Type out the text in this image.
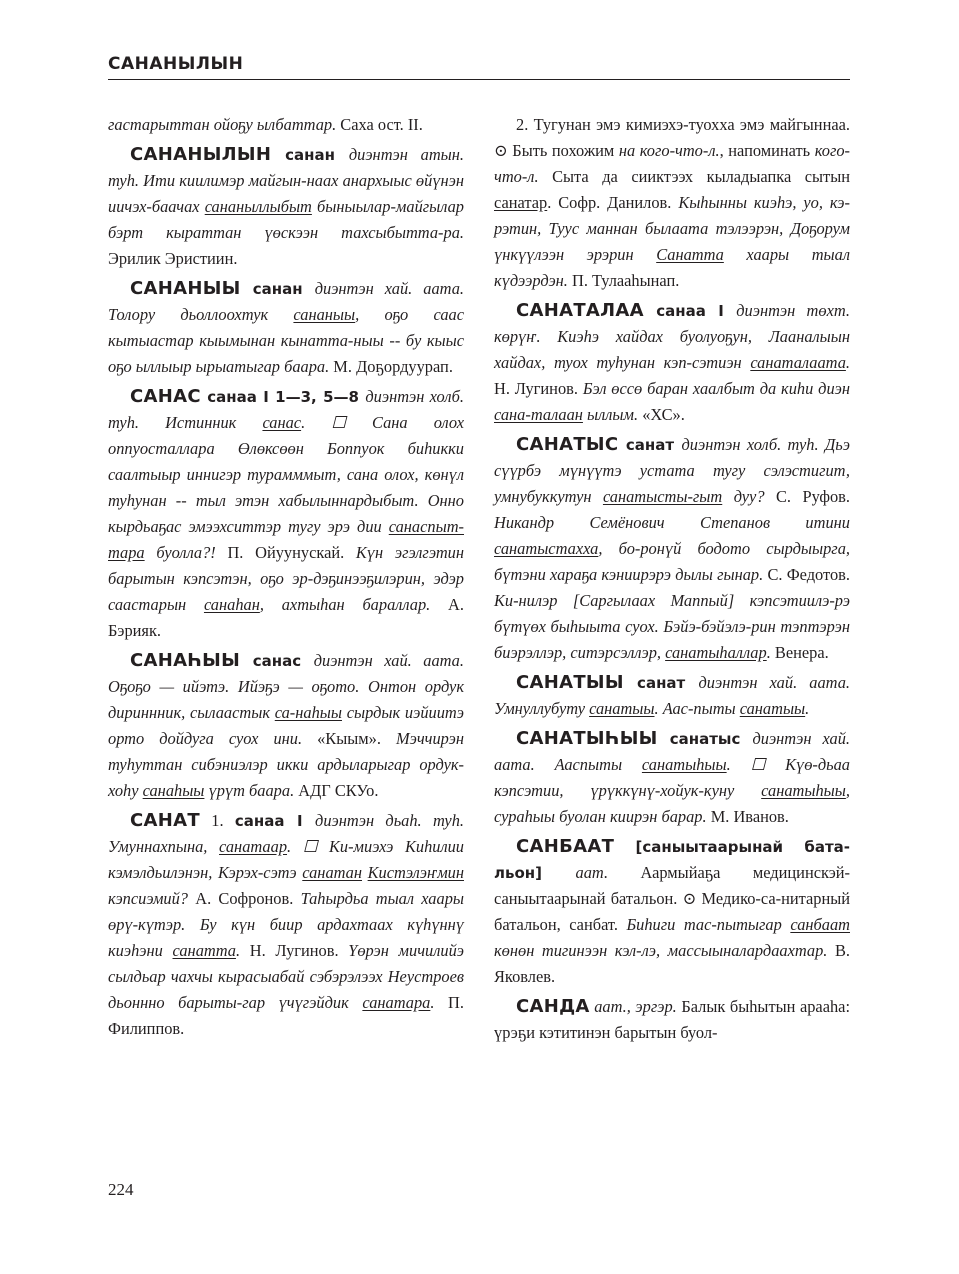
САНАНЫЛЫН

гастарыттан ойоҕу ылбаттар. Саха ост. II.

САНАНЫЛЫН санан диэнтэн атын. туһ. Ити киилимэр майгын-наах анархыыс өйүнэн иичэх-баачах сананыллыбыт быныылар-майгылар бэрт кыраттан үөскээн тахсыбытта-ра. Эрилик Эристиин.

САНАНЫЫ санан диэнтэн хай. аата. Толору дьоллоохтук сананыы, оҕо саас кытыастар кыымынан кынатта-ныы -- бу кыыс оҕо ыллыыр ырыатыгар баара. М. Доҕордуурап.

САНАС санаа I 1—3, 5—8 диэнтэн холб. туһ. Истинник санас. ☐ Сана олох оппуосталлара Өлөксөөн Боппуок биһикки саалтыыр иннигэр турамммыт, сана олох, көнүл туһунан -- тыл этэн хабылыннардыбыт. Онно кырдьаҕас эмээхситтэр тугу эрэ дии санаспыт-тара буолла?! П. Ойуунускай. Күн эгэлгэтин барытын кэпсэтэн, оҕо эр-дэҕинээҕилэрин, эдэр саастарын санаһан, ахтыһан бараллар. А. Бэрияк.

САНАҺЫЫ санас диэнтэн хай. аата. Оҕоҕо — ийэтэ. Ийэҕэ — оҕото. Онтон ордук дириннник, сылаастык са-наһыы сырдык иэйиитэ орто дойдуга суох ини. «Кыым». Мэччирэн туһуттан сибэниэлэр икки ардыларыгар ордук-хоһу санаһыы үрүт баара. АДГ СКУо.

САНАТ 1. санаа I диэнтэн дьаһ. туһ. Умуннахпына, санатаар. ☐ Ки-миэхэ Киһилии кэмэлдьилэнэн, Кэрэх-сэтэ санатан Кистэлэҥмин кэпсиэмий? А. Софронов. Таһырдьа тыал хаары өрү-күтэр. Бу күн биир ардахтаах күһүннү киэһэни санатта. Н. Лугинов. Үөрэн мичилийэ сылдьар чахчы кырасыабай сэбэрэлээх Неустроев дьоннно барыты-гар үчүгэйдик санатара. П. Филиппов.

2. Тугунан эмэ кимиэхэ-туохха эмэ майгыннаа. ⊙ Быть похожим на кого-что-л., напоминать кого-что-л. Сыта да сииктээх кыладыапка сытын санатар. Софр. Данилов. Кыһынны киэһэ, уо, кэ-рэтин, Туус маннан былаата тэлээрэн, Доҕорум үнкүүлээн эрэрин Санатта хаары тыал күдээрдэн. П. Тулааһынап.

САНАТАЛАА санаа I диэнтэн төхт. көрүҥ. Киэһэ хайдах буолуоҕун, Лааналыын хайдах, туох туһунан кэп-сэтиэн санаталаата. Н. Лугинов. Бэл өссө баран хаалбыт да киһи диэн сана-талаан ыллым. «ХС».

САНАТЫС санат диэнтэн холб. туһ. Дьэ сүүрбэ мүнүүтэ устата тугу сэлэстигит, умнубуккутун санатысты-гыт дуу? С. Руфов. Никандр Семёнович Степанов итини санатыстахха, бо-ронүй бодото сырдыырга, бүтэни хараҕа кэниирэрэ дылы гынар. С. Федотов. Ки-нилэр [Саргылаах Маппый] кэпсэтиилэ-рэ бүтүөх быһыыта суох. Бэйэ-бэйэлэ-рин тэптэрэн биэрэллэр, ситэрсэллэр, санатыһаллар. Венера.

САНАТЫЫ санат диэнтэн хай. аата. Умнуллубуту санатыы. Аас-пыты санатыы.

САНАТЫҺЫЫ санатыс диэнтэн хай. аата. Ааспыты санатыһыы. ☐ Күө-дьаа кэпсэтии, үрүккүнү-хойук-куну санатыһыы, сураһыы буолан киирэн барар. М. Иванов.

САНБААТ [саныытаарынай бата-льон] аат. Аармыйаҕа медицинскэй-саныытаарынай батальон. ⊙ Медико-са-нитарный батальон, санбат. Биһиги тас-пытыгар санбаат көнөн тигинээн кэл-лэ, массыыналардаахтар. В. Яковлев.

САНДА аат., эргэр. Балык быһытын арааһа: үрэҕи кэтитинэн барытын буол-

224
